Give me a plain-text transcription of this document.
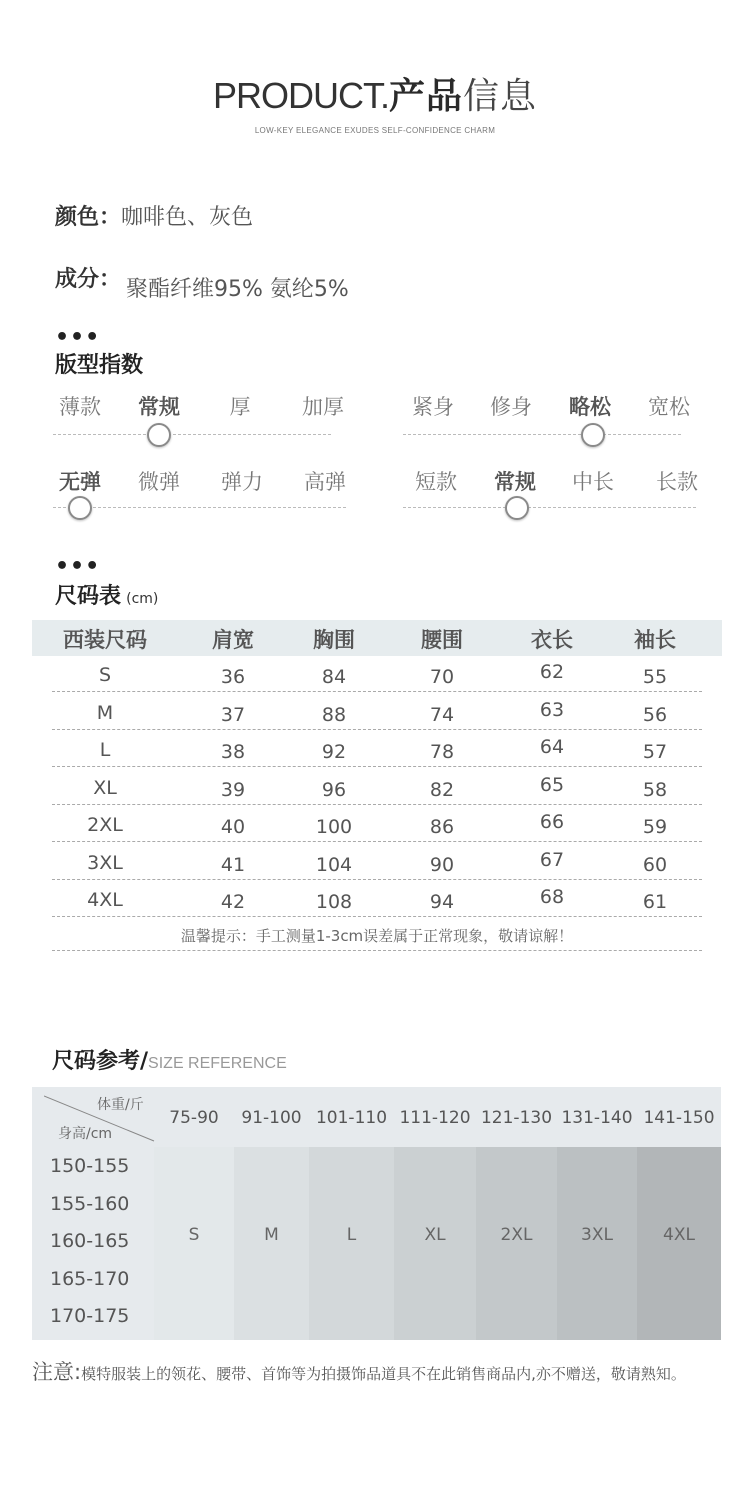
PRODUCT.产品信息
LOW-KEY ELEGANCE EXUDES SELF-CONFIDENCE CHARM
颜色：咖啡色、灰色
成分： 聚酯纤维95% 氨纶5%
•••
版型指数
薄款	常规	厚	加厚	紧身	修身	略松	宽松
无弹	微弹	弹力	高弹	短款	常规	中长	长款
•••
尺码表 (cm)
西装尺码	肩宽	胸围	腰围	衣长	袖长
S	36	84	70	62	55
M	37	88	74	63	56
L	38	92	78	64	57
XL	39	96	82	65	58
2XL	40	100	86	66	59
3XL	41	104	90	67	60
4XL	42	108	94	68	61
温馨提示：手工测量1-3cm误差属于正常现象，敬请谅解！
尺码参考/SIZE REFERENCE
体重/斤
身高/cm
75-90	91-100 101-110 111-120 121-130 131-140 141-150
S	M	L	XL	2XL	3XL	4XL
150-155
155-160
160-165
165-170
170-175
注意:模特服装上的领花、腰带、首饰等为拍摄饰品道具不在此销售商品内,亦不赠送，敬请熟知。
